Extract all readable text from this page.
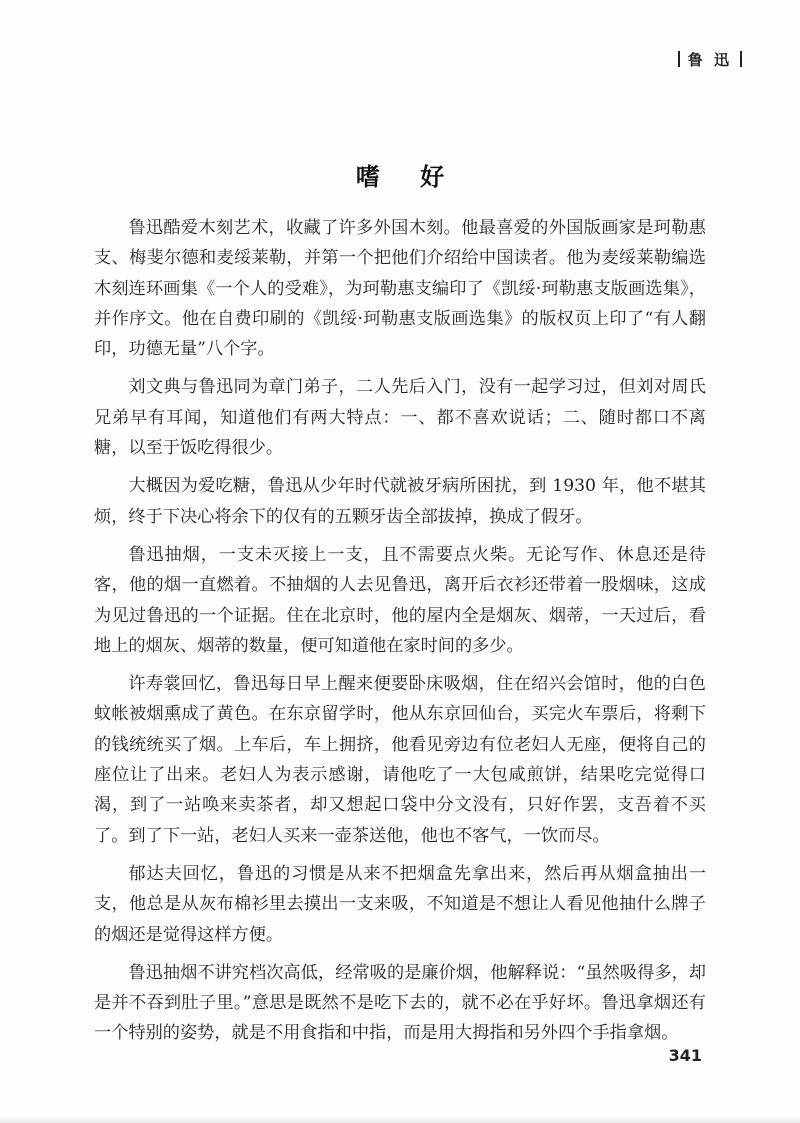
鲁 迅
嗜 好

鲁迅酷爱木刻艺术，收藏了许多外国木刻。他最喜爱的外国版画家是珂勒惠支、梅斐尔德和麦绥莱勒，并第一个把他们介绍给中国读者。他为麦绥莱勒编选木刻连环画集《一个人的受难》，为珂勒惠支编印了《凯绥·珂勒惠支版画选集》，并作序文。他在自费印刷的《凯绥·珂勒惠支版画选集》的版权页上印了“有人翻印，功德无量”八个字。

刘文典与鲁迅同为章门弟子，二人先后入门，没有一起学习过，但刘对周氏兄弟早有耳闻，知道他们有两大特点：一、都不喜欢说话；二、随时都口不离糖，以至于饭吃得很少。

大概因为爱吃糖，鲁迅从少年时代就被牙病所困扰，到 1930 年，他不堪其烦，终于下决心将余下的仅有的五颗牙齿全部拔掉，换成了假牙。

鲁迅抽烟，一支未灭接上一支，且不需要点火柴。无论写作、休息还是待客，他的烟一直燃着。不抽烟的人去见鲁迅，离开后衣衫还带着一股烟味，这成为见过鲁迅的一个证据。住在北京时，他的屋内全是烟灰、烟蒂，一天过后，看地上的烟灰、烟蒂的数量，便可知道他在家时间的多少。

许寿裳回忆，鲁迅每日早上醒来便要卧床吸烟，住在绍兴会馆时，他的白色蚊帐被烟熏成了黄色。在东京留学时，他从东京回仙台，买完火车票后，将剩下的钱统统买了烟。上车后，车上拥挤，他看见旁边有位老妇人无座，便将自己的座位让了出来。老妇人为表示感谢，请他吃了一大包咸煎饼，结果吃完觉得口渴，到了一站唤来卖茶者，却又想起口袋中分文没有，只好作罢，支吾着不买了。到了下一站，老妇人买来一壶茶送他，他也不客气，一饮而尽。

郁达夫回忆，鲁迅的习惯是从来不把烟盒先拿出来，然后再从烟盒抽出一支，他总是从灰布棉衫里去摸出一支来吸，不知道是不想让人看见他抽什么牌子的烟还是觉得这样方便。

鲁迅抽烟不讲究档次高低，经常吸的是廉价烟，他解释说：“虽然吸得多，却是并不吞到肚子里。”意思是既然不是吃下去的，就不必在乎好坏。鲁迅拿烟还有一个特别的姿势，就是不用食指和中指，而是用大拇指和另外四个手指拿烟。

341
